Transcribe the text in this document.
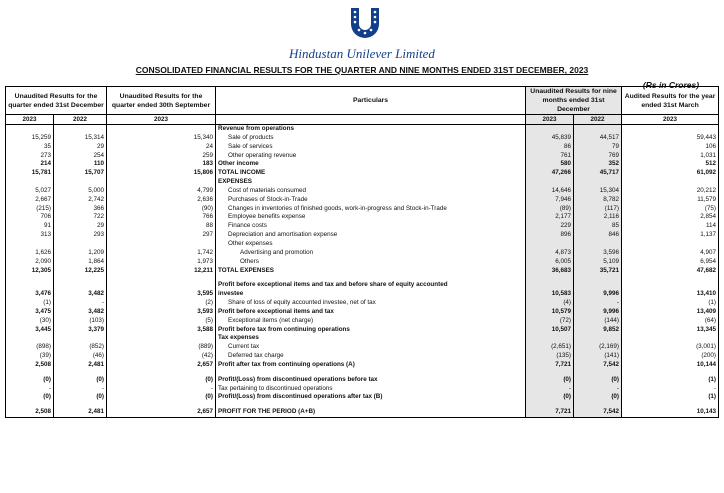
Hindustan Unilever Limited
CONSOLIDATED FINANCIAL RESULTS FOR THE QUARTER AND NINE MONTHS ENDED 31ST DECEMBER, 2023
(Rs in Crores)
Unaudited Results for the quarter ended 31st December		Unaudited Results for the quarter ended 30th September	Particulars	Unaudited Results for nine months ended 31st December		Audited Results for the year ended 31st March
2023	2022	2023		2023	2022	2023
			Revenue from operations			
15,259	15,314	15,340	Sale of products	45,839	44,517	59,443
35	29	24	Sale of services	86	79	106
273	254	259	Other operating revenue	761	769	1,031
214	110	183	Other income	580	352	512
15,781	15,707	15,806	TOTAL INCOME	47,266	45,717	61,092
			EXPENSES			
5,027	5,000	4,799	Cost of materials consumed	14,646	15,304	20,212
2,667	2,742	2,636	Purchases of Stock-in-Trade	7,946	8,782	11,579
(215)	366	(90)	Changes in inventories of finished goods, work-in-progress and Stock-in-Trade	(89)	(117)	(75)
706	722	766	Employee benefits expense	2,177	2,116	2,854
91	29	88	Finance costs	229	85	114
313	293	297	Depreciation and amortisation expense	896	846	1,137
			Other expenses			
1,626	1,209	1,742	Advertising and promotion	4,873	3,596	4,907
2,090	1,864	1,973	Others	6,005	5,109	6,954
12,305	12,225	12,211	TOTAL EXPENSES	36,683	35,721	47,682

			Profit before exceptional items and tax and before share of equity accounted			
3,476	3,482	3,595	investee	10,583	9,996	13,410
(1)	-	(2)	Share of loss of equity accounted investee, net of tax	(4)	-	(1)
3,475	3,482	3,593	Profit before exceptional items and tax	10,579	9,996	13,409
(30)	(103)	(5)	Exceptional items (net charge)	(72)	(144)	(64)
3,445	3,379	3,588	Profit before tax from continuing operations	10,507	9,852	13,345
			Tax expenses			
(898)	(852)	(889)	Current tax	(2,651)	(2,169)	(3,001)
(39)	(46)	(42)	Deferred tax charge	(135)	(141)	(200)
2,508	2,481	2,657	Profit after tax from continuing operations (A)	7,721	7,542	10,144

(0)	(0)	(0)	Profit/(Loss) from discontinued operations before tax	(0)	(0)	(1)
-	-	-	Tax pertaining to discontinued operations	-	-	-
(0)	(0)	(0)	Profit/(Loss) from discontinued operations after tax (B)	(0)	(0)	(1)

2,508	2,481	2,657	PROFIT FOR THE PERIOD (A+B)	7,721	7,542	10,143
